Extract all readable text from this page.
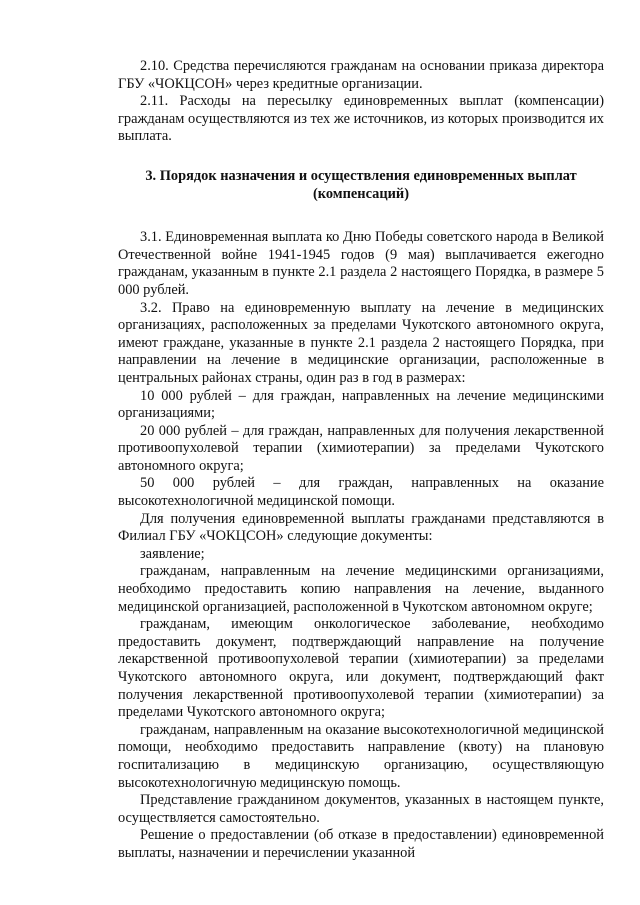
2.10. Средства перечисляются гражданам на основании приказа директора ГБУ «ЧОКЦСОН» через кредитные организации.

2.11. Расходы на пересылку единовременных выплат (компенсации) гражданам осуществляются из тех же источников, из которых производится их выплата.

3. Порядок назначения и осуществления единовременных выплат (компенсаций)

3.1. Единовременная выплата ко Дню Победы советского народа в Великой Отечественной войне 1941-1945 годов (9 мая) выплачивается ежегодно гражданам, указанным в пункте 2.1 раздела 2 настоящего Порядка, в размере 5 000 рублей.

3.2. Право на единовременную выплату на лечение в медицинских организациях, расположенных за пределами Чукотского автономного округа, имеют граждане, указанные в пункте 2.1 раздела 2 настоящего Порядка, при направлении на лечение в медицинские организации, расположенные в центральных районах страны, один раз в год в размерах:

10 000 рублей – для граждан, направленных на лечение медицинскими организациями;

20 000 рублей – для граждан, направленных для получения лекарственной противоопухолевой терапии (химиотерапии) за пределами Чукотского автономного округа;

50 000 рублей – для граждан, направленных на оказание высокотехнологичной медицинской помощи.

Для получения единовременной выплаты гражданами представляются в Филиал ГБУ «ЧОКЦСОН» следующие документы:

заявление;

гражданам, направленным на лечение медицинскими организациями, необходимо предоставить копию направления на лечение, выданного медицинской организацией, расположенной в Чукотском автономном округе;

гражданам, имеющим онкологическое заболевание, необходимо предоставить документ, подтверждающий направление на получение лекарственной противоопухолевой терапии (химиотерапии) за пределами Чукотского автономного округа, или документ, подтверждающий факт получения лекарственной противоопухолевой терапии (химиотерапии) за пределами Чукотского автономного округа;

гражданам, направленным на оказание высокотехнологичной медицинской помощи, необходимо предоставить направление (квоту) на плановую госпитализацию в медицинскую организацию, осуществляющую высокотехнологичную медицинскую помощь.

Представление гражданином документов, указанных в настоящем пункте, осуществляется самостоятельно.

Решение о предоставлении (об отказе в предоставлении) единовременной выплаты, назначении и перечислении указанной
